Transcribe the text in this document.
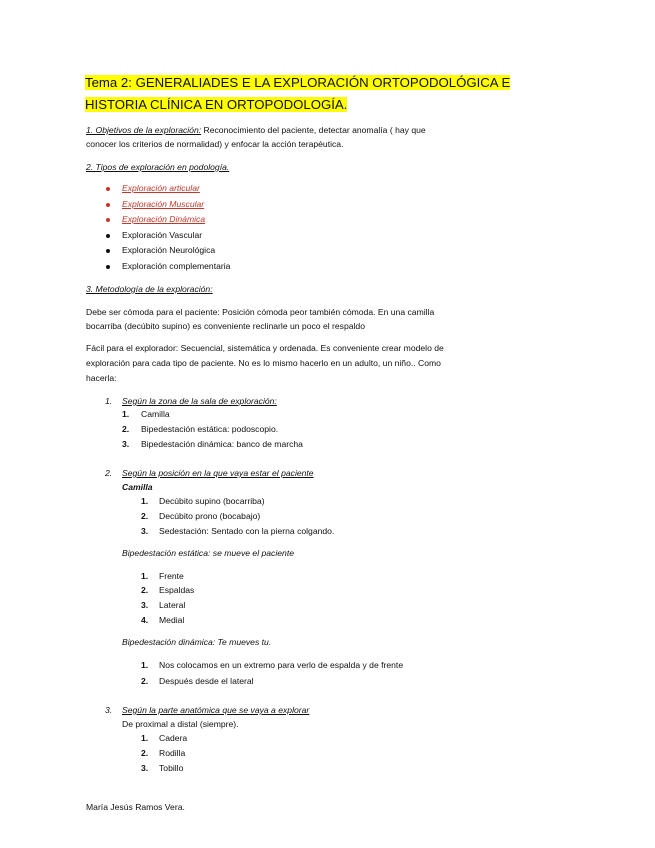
Tema 2: GENERALIADES E LA EXPLORACIÓN ORTOPODOLÓGICA E
HISTORIA CLÍNICA EN ORTOPODOLOGÍA.
1. Objetivos de la exploración: Reconocimiento del paciente, detectar anomalía ( hay que
conocer los criterios de normalidad) y enfocar la acción terapéutica.
2. Tipos de exploración en podología.
Exploración articular
Exploración Muscular
Exploración Dinámica
Exploración Vascular
Exploración Neurológica
Exploración complementaria
3. Metodología de la exploración:
Debe ser cómoda para el paciente: Posición cómoda peor también cómoda. En una camilla
bocarriba (decúbito supino) es conveniente reclinarle un poco el respaldo
Fácil para el explorador: Secuencial, sistemática y ordenada. Es conveniente crear modelo de
exploración para cada tipo de paciente. No es lo mismo hacerlo en un adulto, un niño.. Como
hacerla:
1. Según la zona de la sala de exploración:
1. Camilla
2. Bipedestación estática: podoscopio.
3. Bipedestación dinámica: banco de marcha
2. Según la posición en la que vaya estar el paciente
Camilla
1. Decúbito supino (bocarriba)
2. Decúbito prono (bocabajo)
3. Sedestación: Sentado con la pierna colgando.
Bipedestación estática: se mueve el paciente
1. Frente
2. Espaldas
3. Lateral
4. Medial
Bipedestación dinámica: Te mueves tu.
1. Nos colocamos en un extremo para verlo de espalda y de frente
2. Después desde el lateral
3. Según la parte anatómica que se vaya a explorar
De proximal a distal (siempre).
1. Cadera
2. Rodilla
3. Tobillo
María Jesús Ramos Vera.
